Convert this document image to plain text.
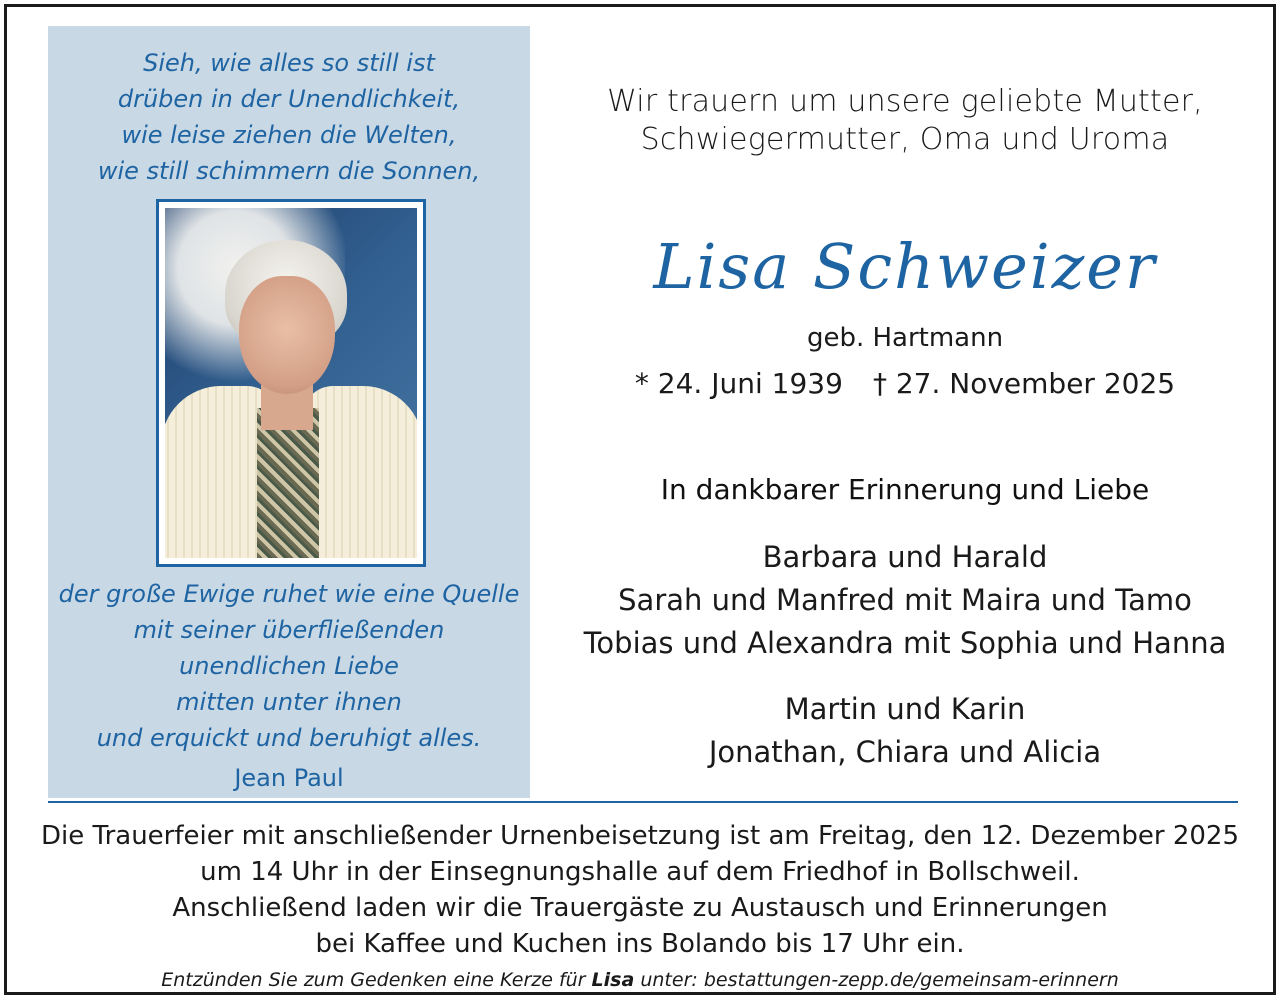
Sieh, wie alles so still ist
drüben in der Unendlichkeit,
wie leise ziehen die Welten,
wie still schimmern die Sonnen,
der große Ewige ruhet wie eine Quelle
mit seiner überfließenden
unendlichen Liebe
mitten unter ihnen
und erquickt und beruhigt alles.
Jean Paul
Wir trauern um unsere geliebte Mutter,
Schwiegermutter, Oma und Uroma
Lisa Schweizer
geb. Hartmann
* 24. Juni 1939 † 27. November 2025
In dankbarer Erinnerung und Liebe
Barbara und Harald
Sarah und Manfred mit Maira und Tamo
Tobias und Alexandra mit Sophia und Hanna
Martin und Karin
Jonathan, Chiara und Alicia
Die Trauerfeier mit anschließender Urnenbeisetzung ist am Freitag, den 12. Dezember 2025
um 14 Uhr in der Einsegnungshalle auf dem Friedhof in Bollschweil.
Anschließend laden wir die Trauergäste zu Austausch und Erinnerungen
bei Kaffee und Kuchen ins Bolando bis 17 Uhr ein.
Entzünden Sie zum Gedenken eine Kerze für Lisa unter: bestattungen-zepp.de/gemeinsam-erinnern
